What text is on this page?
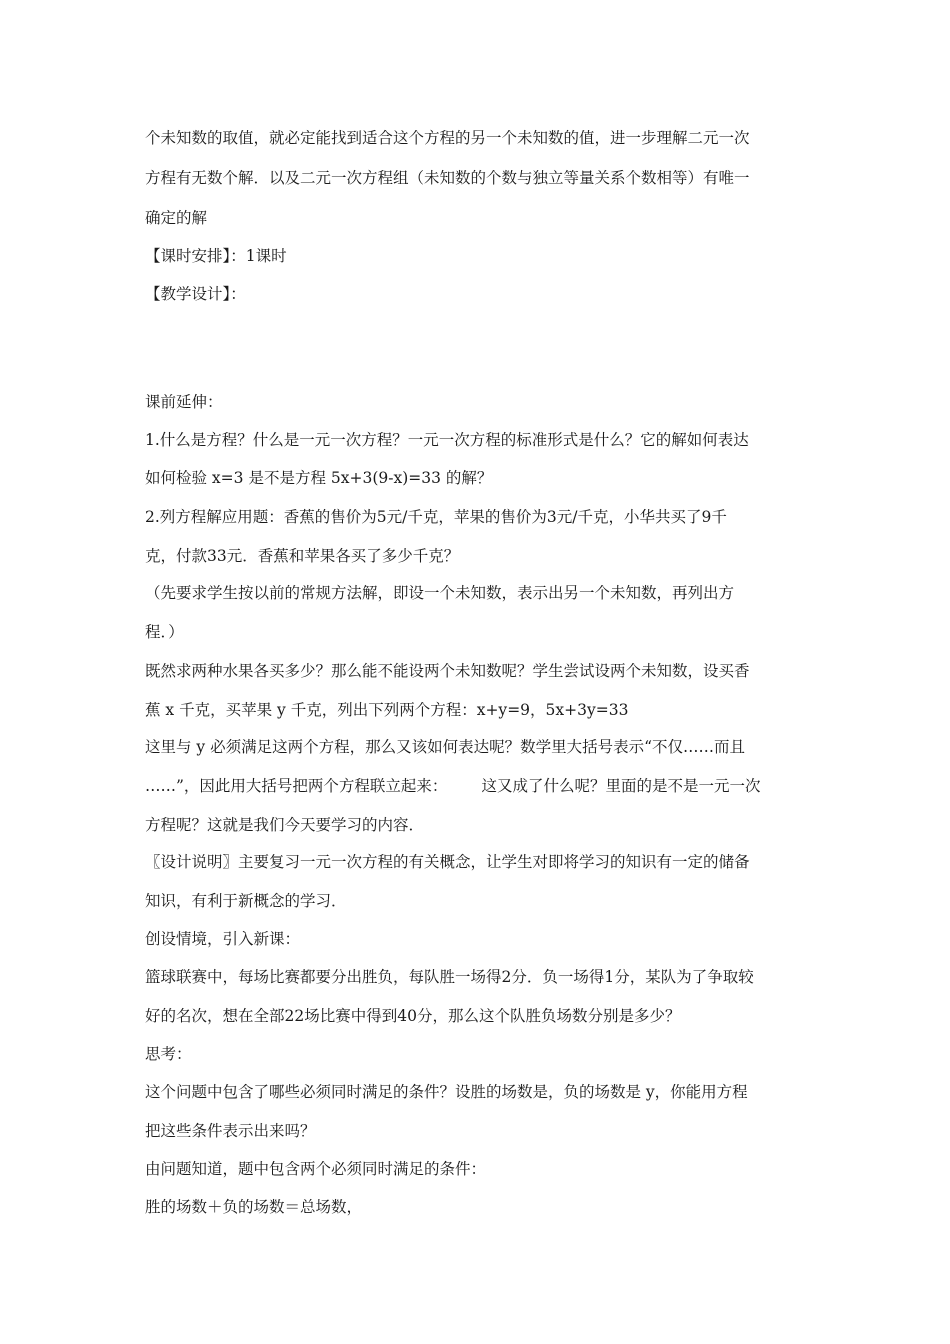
个未知数的取值，就必定能找到适合这个方程的另一个未知数的值，进一步理解二元一次
方程有无数个解．以及二元一次方程组（未知数的个数与独立等量关系个数相等）有唯一
确定的解
【课时安排】：1课时
【教学设计】：
课前延伸：
1.什么是方程？什么是一元一次方程？一元一次方程的标准形式是什么？它的解如何表达
如何检验 x=3 是不是方程 5x+3(9-x)=33 的解？
2.列方程解应用题：香蕉的售价为5元/千克，苹果的售价为3元/千克，小华共买了9千
克，付款33元．香蕉和苹果各买了多少千克？
（先要求学生按以前的常规方法解，即设一个未知数，表示出另一个未知数，再列出方
程．）
既然求两种水果各买多少？那么能不能设两个未知数呢？学生尝试设两个未知数，设买香
蕉 x 千克，买苹果 y 千克，列出下列两个方程：x+y=9，5x+3y=33
这里与 y 必须满足这两个方程，那么又该如何表达呢？数学里大括号表示“不仅……而且
……”，因此用大括号把两个方程联立起来： 这又成了什么呢？里面的是不是一元一次
方程呢？这就是我们今天要学习的内容．
〖设计说明〗主要复习一元一次方程的有关概念，让学生对即将学习的知识有一定的储备
知识，有利于新概念的学习．
创设情境，引入新课：
篮球联赛中，每场比赛都要分出胜负，每队胜一场得2分．负一场得1分，某队为了争取较
好的名次，想在全部22场比赛中得到40分，那么这个队胜负场数分别是多少？
思考：
这个问题中包含了哪些必须同时满足的条件？设胜的场数是，负的场数是 y，你能用方程
把这些条件表示出来吗？
由问题知道，题中包含两个必须同时满足的条件：
胜的场数＋负的场数＝总场数，
